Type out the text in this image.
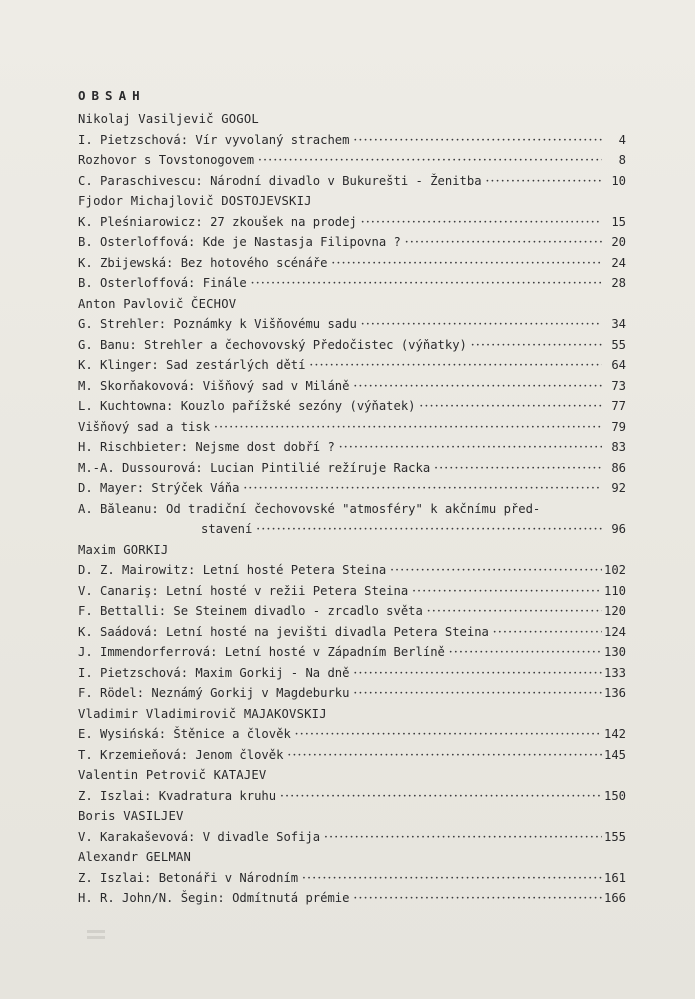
OBSAH
Nikolaj Vasiljevič GOGOL
I. Pietzschová: Vír vyvolaný strachem •••••	4
Rozhovor s Tovstonogovem •••••	8
C. Paraschivescu: Národní divadlo v Bukurešti - Ženitba •••••	10
Fjodor Michajlovič DOSTOJEVSKIJ
K. Pleśniarowicz: 27 zkoušek na prodej •••••	15
B. Osterloffová: Kde je Nastasja Filipovna ? •••••	20
K. Zbijewská: Bez hotového scénáře •••••	24
B. Osterloffová: Finále •••••	28
Anton Pavlovič ČECHOV
G. Strehler: Poznámky k Višňovému sadu •••••	34
G. Banu: Strehler a čechovovský Předočistec (výňatky) •••••	55
K. Klinger: Sad zestárlých dětí •••••	64
M. Skorňakovová: Višňový sad v Miláně •••••	73
L. Kuchtowna: Kouzlo pařížské sezóny (výňatek) •••••	77
Višňový sad a tisk •••••	79
H. Rischbieter: Nejsme dost dobří ? •••••	83
M.-A. Dussourová: Lucian Pintilié režíruje Racka •••••	86
D. Mayer: Strýček Váňa •••••	92
A. Băleanu: Od tradiční čechovovské "atmosféry" k akčnímu před-
stavení •••••	96
Maxim GORKIJ
D. Z. Mairowitz: Letní hosté Petera Steina •••••	102
V. Canariş: Letní hosté v režii Petera Steina •••••	110
F. Bettalli: Se Steinem divadlo - zrcadlo světa •••••	120
K. Saádová: Letní hosté na jevišti divadla Petera Steina •••••	124
J. Immendorferrová: Letní hosté v Západním Berlíně •••••	130
I. Pietzschová: Maxim Gorkij - Na dně •••••	133
F. Rödel: Neznámý Gorkij v Magdeburku •••••	136
Vladimir Vladimirovič MAJAKOVSKIJ
E. Wysińská: Štěnice a člověk •••••	142
T. Krzemieňová: Jenom člověk •••••	145
Valentin Petrovič KATAJEV
Z. Iszlai: Kvadratura kruhu •••••	150
Boris VASILJEV
V. Karakaševová: V divadle Sofija •••••	155
Alexandr GELMAN
Z. Iszlai: Betonáři v Národním •••••	161
H. R. John/N. Šegin: Odmítnutá prémie •••••	166
